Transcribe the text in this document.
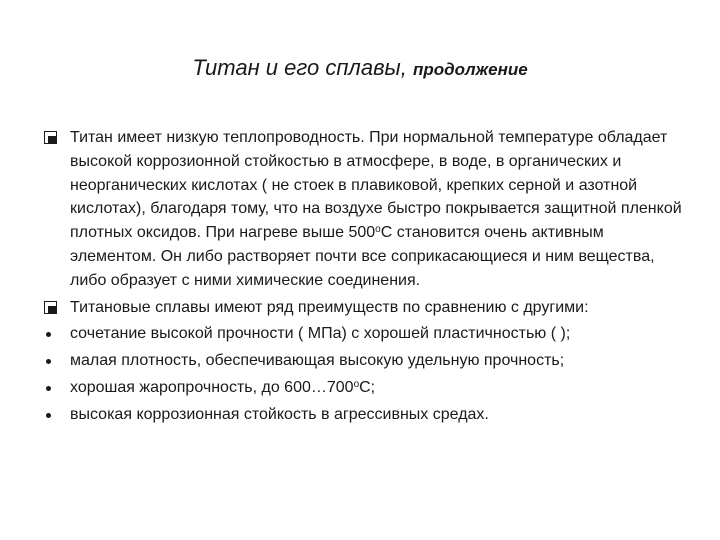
Титан и его сплавы, продолжение
Титан имеет низкую теплопроводность. При нормальной температуре обладает высокой коррозионной стойкостью в атмосфере, в воде, в органических и неорганических кислотах ( не стоек в плавиковой, крепких серной и азотной кислотах), благодаря тому, что на воздухе быстро покрывается защитной пленкой плотных оксидов. При нагреве выше $500^оС$ становится очень активным элементом. Он либо растворяет почти все соприкасающиеся и ним вещества, либо образует с ними химические соединения.
Титановые сплавы имеют ряд преимуществ по сравнению с другими:
сочетание высокой прочности ( МПа) с хорошей пластичностью ( );
малая плотность, обеспечивающая высокую удельную прочность;
хорошая жаропрочность, до $600\dots 700^оС$;
высокая коррозионная стойкость в агрессивных средах.
